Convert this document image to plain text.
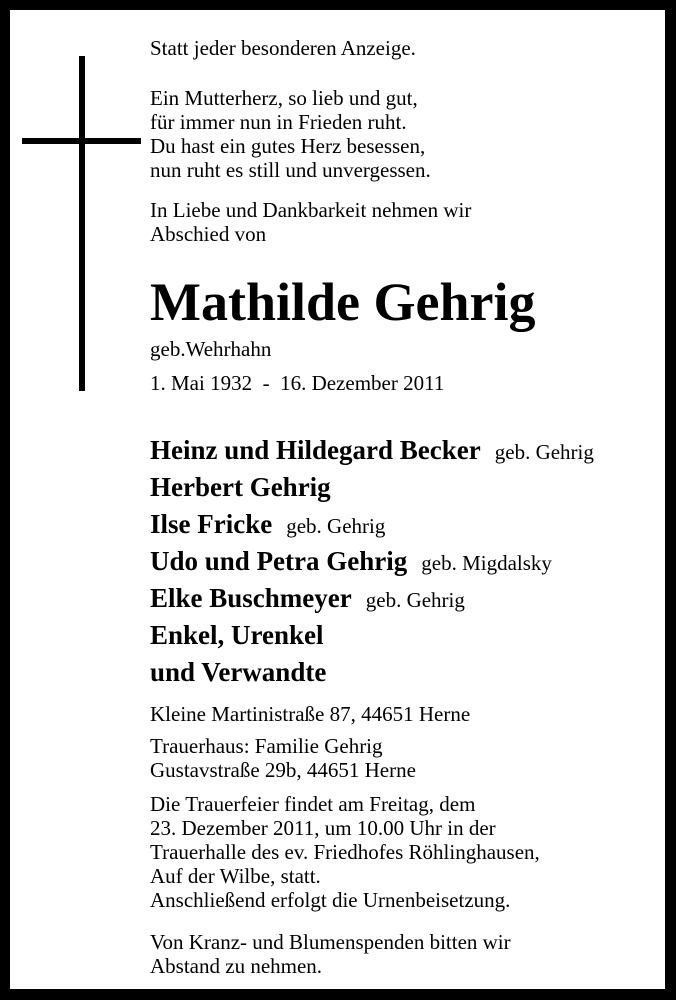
Statt jeder besonderen Anzeige.
Ein Mutterherz, so lieb und gut,
für immer nun in Frieden ruht.
Du hast ein gutes Herz besessen,
nun ruht es still und unvergessen.
In Liebe und Dankbarkeit nehmen wir
Abschied von
Mathilde Gehrig
geb.Wehrhahn
1. Mai 1932  -  16. Dezember 2011
Heinz und Hildegard Becker geb. Gehrig
Herbert Gehrig
Ilse Fricke geb. Gehrig
Udo und Petra Gehrig geb. Migdalsky
Elke Buschmeyer geb. Gehrig
Enkel, Urenkel
und Verwandte
Kleine Martinistraße 87, 44651 Herne
Trauerhaus: Familie Gehrig
Gustavstraße 29b, 44651 Herne
Die Trauerfeier findet am Freitag, dem
23. Dezember 2011, um 10.00 Uhr in der
Trauerhalle des ev. Friedhofes Röhlinghausen,
Auf der Wilbe, statt.
Anschließend erfolgt die Urnenbeisetzung.
Von Kranz- und Blumenspenden bitten wir
Abstand zu nehmen.
